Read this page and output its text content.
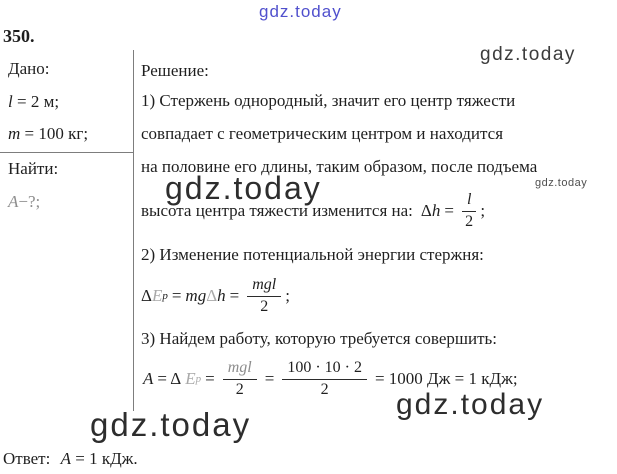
gdz.today
gdz.today
gdz.today	gdz.today
gdz.today
gdz.today
350.
Дано:
l = 2 м;
m = 100 кг;
Найти:
A−?;
Решение:
1) Стержень однородный, значит его центр тяжести
совпадает с геометрическим центром и находится
на половине его длины, таким образом, после подъема
высота центра тяжести изменится на: Δ $h = \frac{l}{2}$ ;
2) Изменение потенциальной энергии стержня:
Δ E p = mg Δ $h = \frac{\text{mgl}}{2}$ ;
3) Найдем работу, которую требуется совершить:
A = Δ E $p = \frac{\text{mgl}}{2} = \frac{100 \cdot 10 \cdot 2}{2} = 1000$ Дж = 1 кДж;
Ответ: A = 1 кДж.
